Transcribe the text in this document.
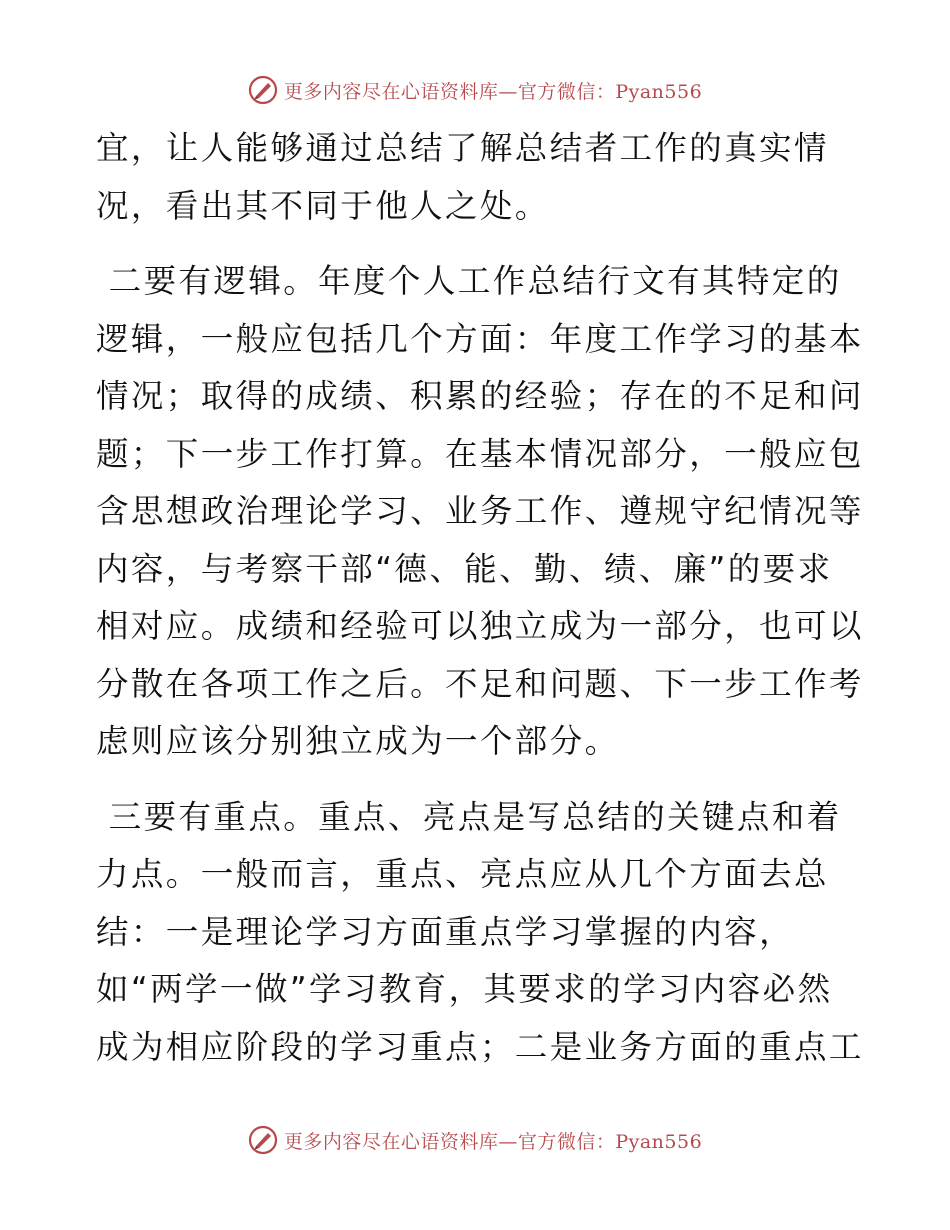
更多内容尽在心语资料库—官方微信：Pyan556

宜，让人能够通过总结了解总结者工作的真实情

况，看出其不同于他人之处。

二要有逻辑。年度个人工作总结行文有其特定的

逻辑，一般应包括几个方面：年度工作学习的基本

情况；取得的成绩、积累的经验；存在的不足和问

题；下一步工作打算。在基本情况部分，一般应包

含思想政治理论学习、业务工作、遵规守纪情况等

内容，与考察干部“德、能、勤、绩、廉”的要求

相对应。成绩和经验可以独立成为一部分，也可以

分散在各项工作之后。不足和问题、下一步工作考

虑则应该分别独立成为一个部分。

三要有重点。重点、亮点是写总结的关键点和着

力点。一般而言，重点、亮点应从几个方面去总

结：一是理论学习方面重点学习掌握的内容，

如“两学一做”学习教育，其要求的学习内容必然

成为相应阶段的学习重点；二是业务方面的重点工

更多内容尽在心语资料库—官方微信：Pyan556
